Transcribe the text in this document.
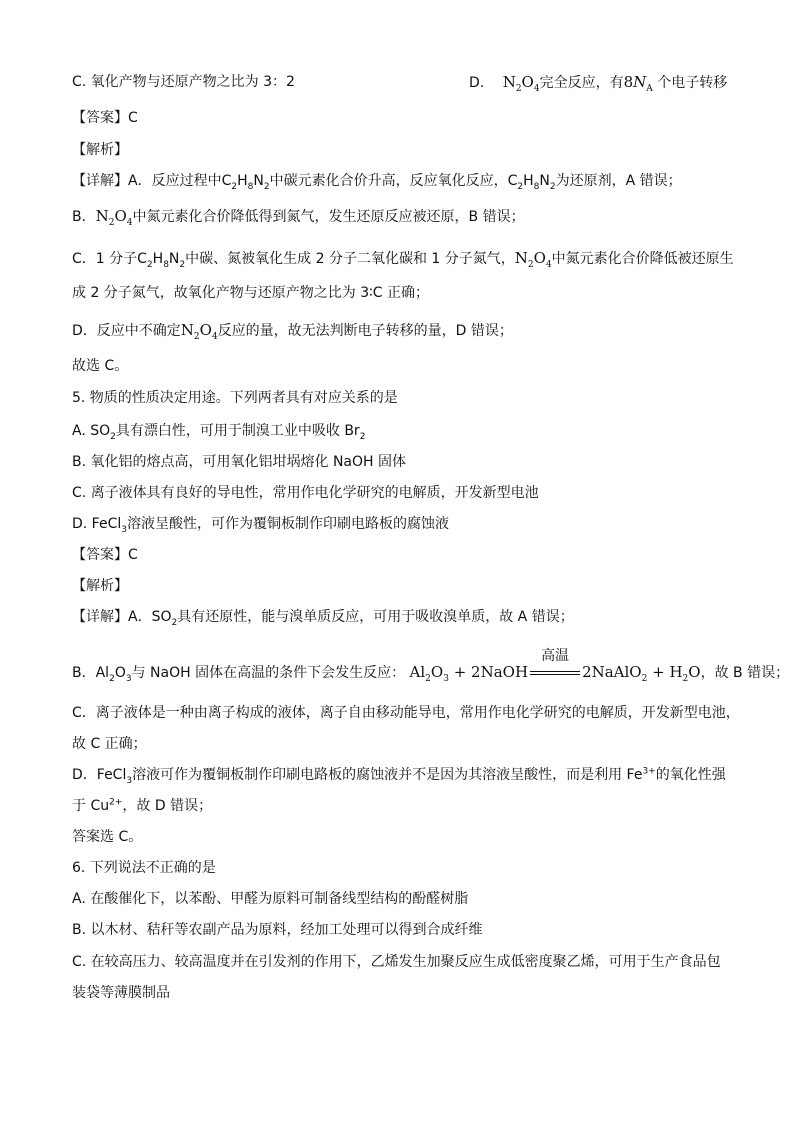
C. 氧化产物与还原产物之比为 3：2	D. $N_2O_4$完全反应，有$8N_A$ 个电子转移
【答案】C
【解析】
【详解】A．反应过程中$C_2H_8N_2$中碳元素化合价升高，反应氧化反应，$C_2H_8N_2$为还原剂，A 错误；
B．$N_2O_4$中氮元素化合价降低得到氮气，发生还原反应被还原，B 错误；
C．1 分子$C_2H_8N_2$中碳、氮被氧化生成 2 分子二氧化碳和 1 分子氮气，$N_2O_4$中氮元素化合价降低被还原生
成 2 分子氮气，故氧化产物与还原产物之比为 3∶C 正确；
D．反应中不确定$N_2O_4$反应的量，故无法判断电子转移的量，D 错误；
故选 C。
5. 物质的性质决定用途。下列两者具有对应关系的是
A. $SO_2$具有漂白性，可用于制溴工业中吸收 $Br_2$
B. 氧化铝的熔点高，可用氧化铝坩埚熔化 NaOH 固体
C. 离子液体具有良好的导电性，常用作电化学研究的电解质，开发新型电池
D. FeCl$_3$溶液呈酸性，可作为覆铜板制作印刷电路板的腐蚀液
【答案】C
【解析】
【详解】A．$SO_2$具有还原性，能与溴单质反应，可用于吸收溴单质，故 A 错误；
B．$Al_2O_3$与 NaOH 固体在高温的条件下会发生反应： $Al_2O_3$ + 2NaOH
高温
2NaAlO$_2$ + $H_2O$，故 B 错误；
C．离子液体是一种由离子构成的液体，离子自由移动能导电，常用作电化学研究的电解质，开发新型电池，
故 C 正确；
D．FeCl$_3$溶液可作为覆铜板制作印刷电路板的腐蚀液并不是因为其溶液呈酸性，而是利用 $Fe^{3+}$的氧化性强
于 $Cu^{2+}$，故 D 错误；
答案选 C。
6. 下列说法不正确的是
A. 在酸催化下，以苯酚、甲醛为原料可制备线型结构的酚醛树脂
B. 以木材、秸秆等农副产品为原料，经加工处理可以得到合成纤维
C. 在较高压力、较高温度并在引发剂的作用下，乙烯发生加聚反应生成低密度聚乙烯，可用于生产食品包
装袋等薄膜制品
